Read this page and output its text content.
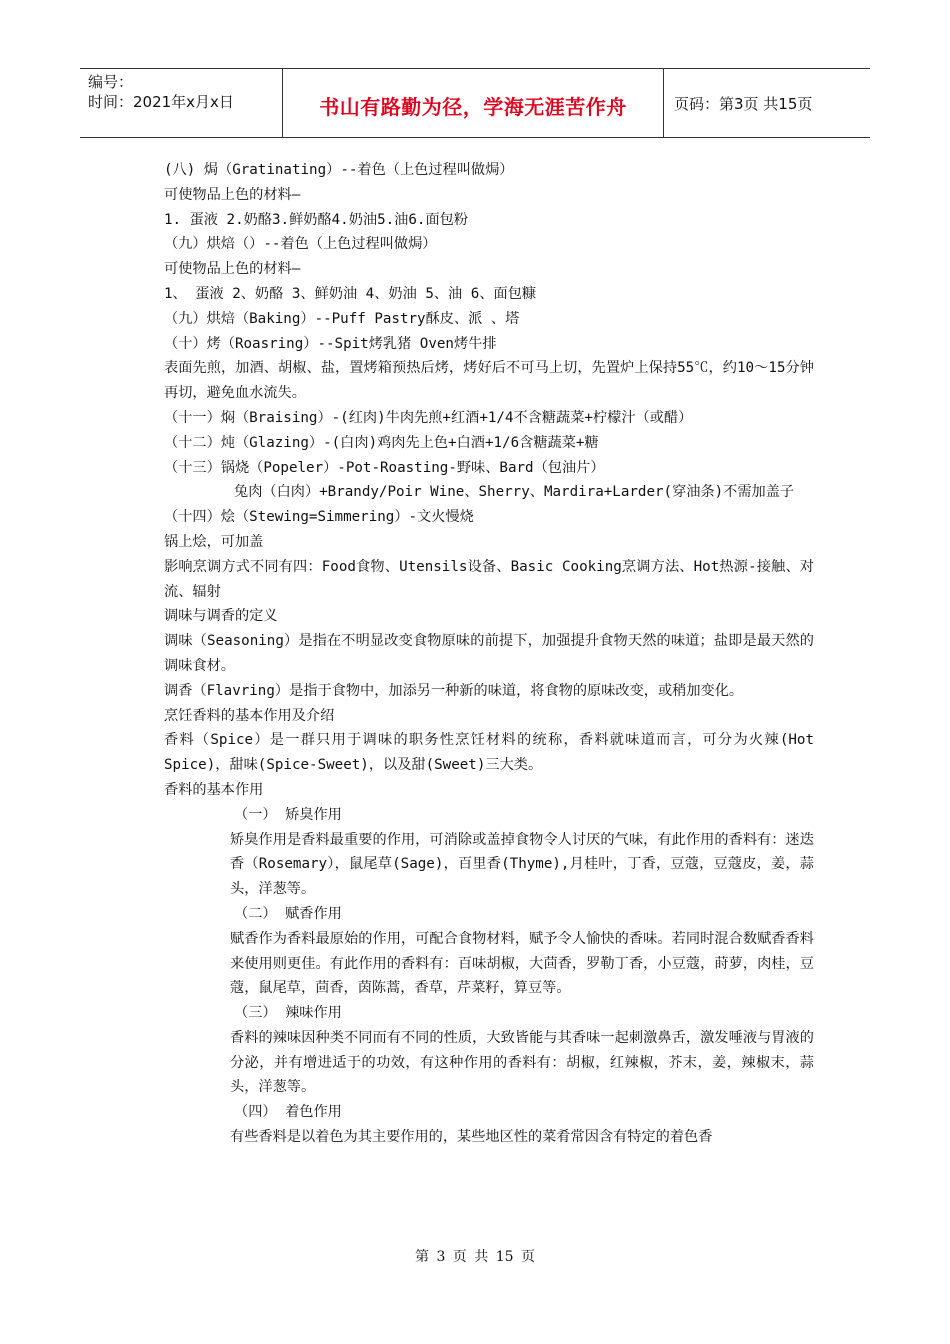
编号：
时间：2021年x月x日	书山有路勤为径，学海无涯苦作舟	页码：第3页 共15页

(八) 焗（Gratinating）--着色（上色过程叫做焗）

可使物品上色的材料—

1. 蛋液 2.奶酪3.鲜奶酪4.奶油5.油6.面包粉

（九）烘焙（）--着色（上色过程叫做焗）

可使物品上色的材料—

1、 蛋液 2、奶酪 3、鲜奶油 4、奶油 5、油 6、面包糠

（九）烘焙（Baking）--Puff Pastry酥皮、派 、塔

（十）烤（Roasring）--Spit烤乳猪 Oven烤牛排

表面先煎，加酒、胡椒、盐，置烤箱预热后烤，烤好后不可马上切，先置炉上保持55℃，约10～15分钟再切，避免血水流失。

（十一）焖（Braising）-(红肉)牛肉先煎+红酒+1/4不含糖蔬菜+柠檬汁（或醋）

（十二）炖（Glazing）-(白肉)鸡肉先上色+白酒+1/6含糖蔬菜+糖

（十三）锅烧（Popeler）-Pot-Roasting-野味、Bard（包油片）

兔肉（白肉）+Brandy/Poir Wine、Sherry、Mardira+Larder(穿油条)不需加盖子

（十四）烩（Stewing=Simmering）-文火慢烧

锅上烩，可加盖

影响烹调方式不同有四：Food食物、Utensils设备、Basic Cooking烹调方法、Hot热源-接触、对流、辐射

调味与调香的定义

调味（Seasoning）是指在不明显改变食物原味的前提下，加强提升食物天然的味道；盐即是最天然的调味食材。

调香（Flavring）是指于食物中，加添另一种新的味道，将食物的原味改变，或稍加变化。

烹饪香料的基本作用及介绍

香料（Spice）是一群只用于调味的职务性烹饪材料的统称，香料就味道而言，可分为火辣(Hot Spice)，甜味(Spice-Sweet)，以及甜(Sweet)三大类。

香料的基本作用

（一） 矫臭作用

矫臭作用是香料最重要的作用，可消除或盖掉食物令人讨厌的气味，有此作用的香料有：迷迭香（Rosemary），鼠尾草(Sage)，百里香(Thyme),月桂叶，丁香，豆蔻，豆蔻皮，姜，蒜头，洋葱等。

（二） 赋香作用

赋香作为香料最原始的作用，可配合食物材料，赋予令人愉快的香味。若同时混合数赋香香料来使用则更佳。有此作用的香料有：百味胡椒，大茴香，罗勒丁香，小豆蔻，莳萝，肉桂，豆蔻，鼠尾草，茴香，茵陈蒿，香草，芹菜籽，算豆等。

（三） 辣味作用

香料的辣味因种类不同而有不同的性质，大致皆能与其香味一起刺激鼻舌，激发唾液与胃液的分泌，并有增进适于的功效，有这种作用的香料有：胡椒，红辣椒，芥末，姜，辣椒末，蒜头，洋葱等。

（四） 着色作用

有些香料是以着色为其主要作用的，某些地区性的菜肴常因含有特定的着色香

第 3 页 共 15 页
